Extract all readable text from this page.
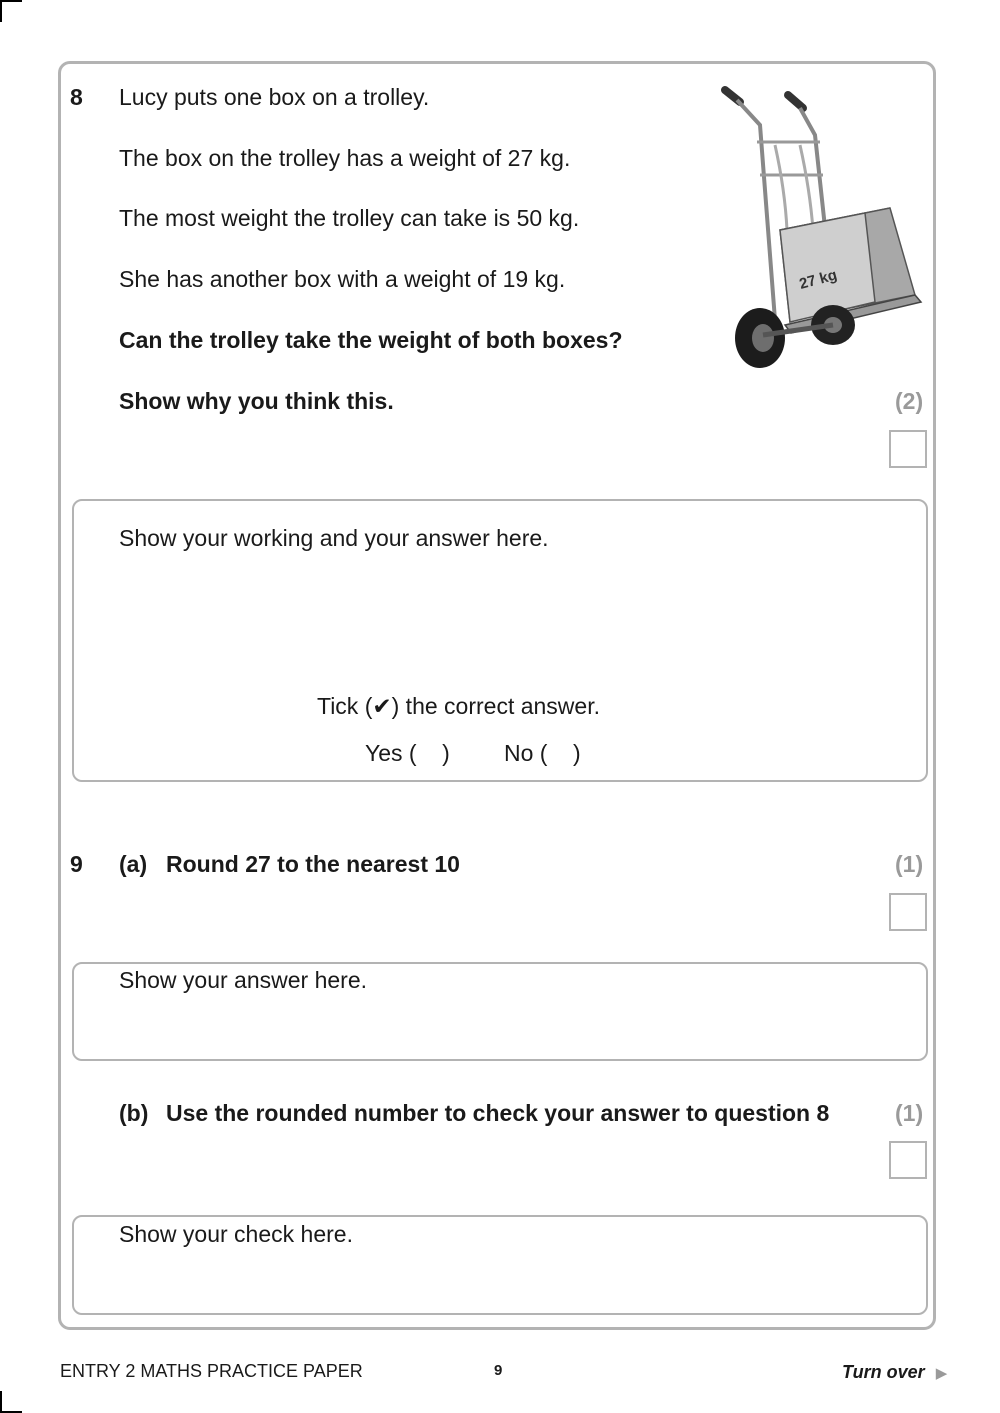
8 Lucy puts one box on a trolley.
The box on the trolley has a weight of 27 kg.
The most weight the trolley can take is 50 kg.
She has another box with a weight of 19 kg.
Can the trolley take the weight of both boxes?
Show why you think this.	(2)
27 kg
Show your working and your answer here.
Tick (✔) the correct answer.
Yes (    ) No (    )
9 (a) Round 27 to the nearest 10	(1)
Show your answer here.
(b) Use the rounded number to check your answer to question 8	(1)
Show your check here.
ENTRY 2 MATHS PRACTICE PAPER	9	Turn over ▶
